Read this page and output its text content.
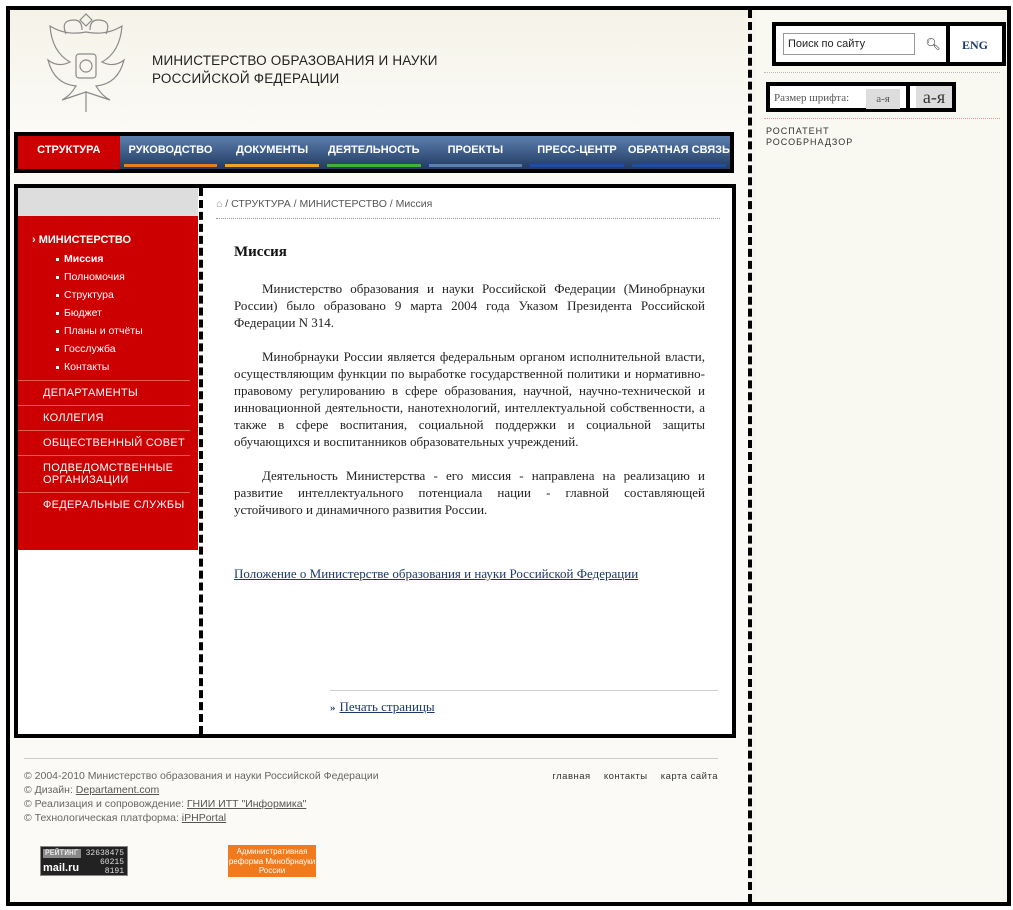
МИНИСТЕРСТВО ОБРАЗОВАНИЯ И НАУКИ
РОССИЙСКОЙ ФЕДЕРАЦИИ
СТРУКТУРА	РУКОВОДСТВО	ДОКУМЕНТЫ	ДЕЯТЕЛЬНОСТЬ	ПРОЕКТЫ	ПРЕСС-ЦЕНТР	ОБРАТНАЯ СВЯЗЬ
› МИНИСТЕРСТВО
Миссия
Полномочия
Структура
Бюджет
Планы и отчёты
Госслужба
Контакты
ДЕПАРТАМЕНТЫ
КОЛЛЕГИЯ
ОБЩЕСТВЕННЫЙ СОВЕТ
ПОДВЕДОМСТВЕННЫЕ ОРГАНИЗАЦИИ
ФЕДЕРАЛЬНЫЕ СЛУЖБЫ
⌂ / СТРУКТУРА / МИНИСТЕРСТВО / Миссия
Миссия

Министерство образования и науки Российской Федерации (Минобрнауки России) было образовано 9 марта 2004 года Указом Президента Российской Федерации N 314.

Минобрнауки России является федеральным органом исполнительной власти, осуществляющим функции по выработке государственной политики и нормативно-правовому регулированию в сфере образования, научной, научно-технической и инновационной деятельности, нанотехнологий, интеллектуальной собственности, а также в сфере воспитания, социальной поддержки и социальной защиты обучающихся и воспитанников образовательных учреждений.

Деятельность Министерства - его миссия - направлена на реализацию и развитие интеллектуального потенциала нации - главной составляющей устойчивого и динамичного развития России.

Положение о Министерстве образования и науки Российской Федерации
» Печать страницы
© 2004-2010 Министерство образования и науки Российской Федерации
© Дизайн: Departament.com
© Реализация и сопровождение: ГНИИ ИТТ "Информика"
© Технологическая платформа: iPHPortal
главная контакты карта сайта
РЕЙТИНГ
mail.ru
32638475
60215
8191
Административная реформа Минобрнауки России
Поиск по сайту
🔍︎ ENG
Размер шрифта:	а-я	а-я
РОСПАТЕНТ
РОСОБРНАДЗОР
